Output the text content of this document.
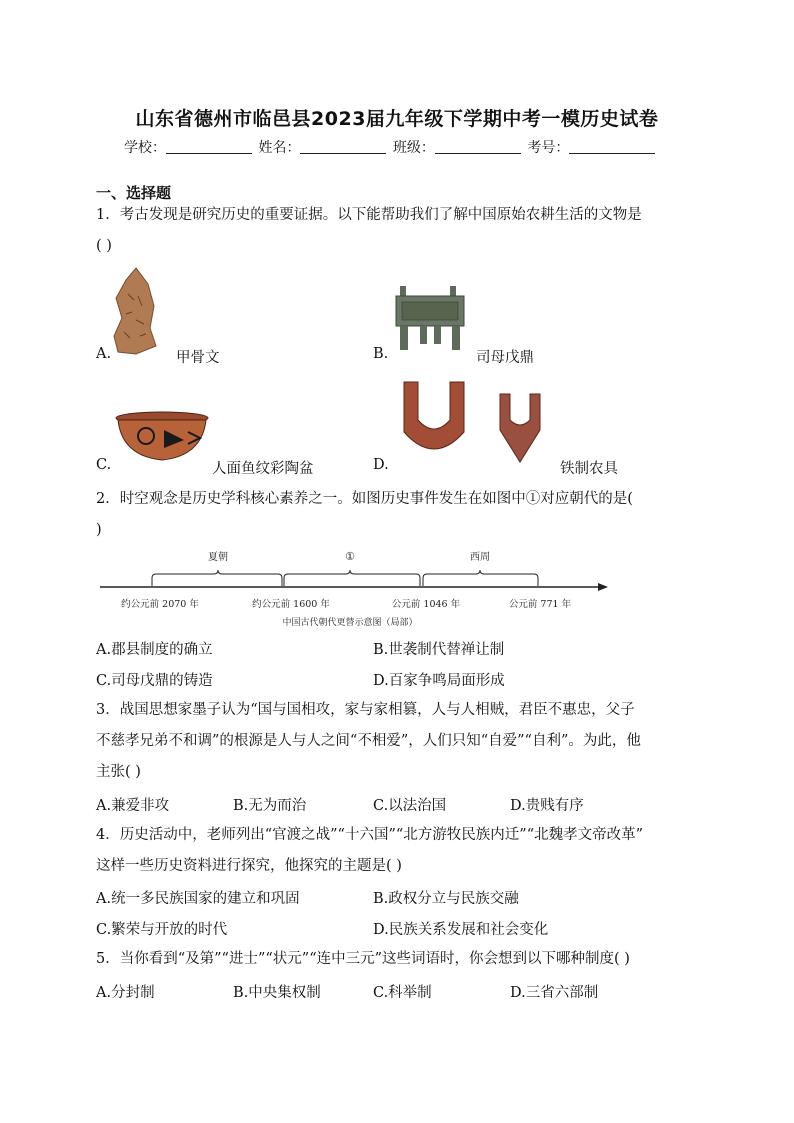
山东省德州市临邑县2023届九年级下学期中考一模历史试卷
学校：	姓名：	班级：	考号：
一、选择题
1．考古发现是研究历史的重要证据。以下能帮助我们了解中国原始农耕生活的文物是
( )
A.	甲骨文	B.	司母戊鼎
C.	人面鱼纹彩陶盆	D.	铁制农具
2．时空观念是历史学科核心素养之一。如图历史事件发生在如图中①对应朝代的是(
)
夏朝	①	西周
约公元前 2070 年	约公元前 1600 年	公元前 1046 年	公元前 771 年
中国古代朝代更替示意图（局部）
A.郡县制度的确立	B.世袭制代替禅让制
C.司母戊鼎的铸造	D.百家争鸣局面形成
3．战国思想家墨子认为“国与国相攻，家与家相篡，人与人相贼，君臣不惠忠，父子
不慈孝兄弟不和调”的根源是人与人之间“不相爱”，人们只知“自爱”“自利”。为此，他
主张( )
A.兼爱非攻	B.无为而治	C.以法治国	D.贵贱有序
4．历史活动中，老师列出“官渡之战”“十六国”“北方游牧民族内迁”“北魏孝文帝改革”
这样一些历史资料进行探究，他探究的主题是( )
A.统一多民族国家的建立和巩固	B.政权分立与民族交融
C.繁荣与开放的时代	D.民族关系发展和社会变化
5．当你看到“及第”“进士”“状元”“连中三元”这些词语时，你会想到以下哪种制度( )
A.分封制	B.中央集权制	C.科举制	D.三省六部制
